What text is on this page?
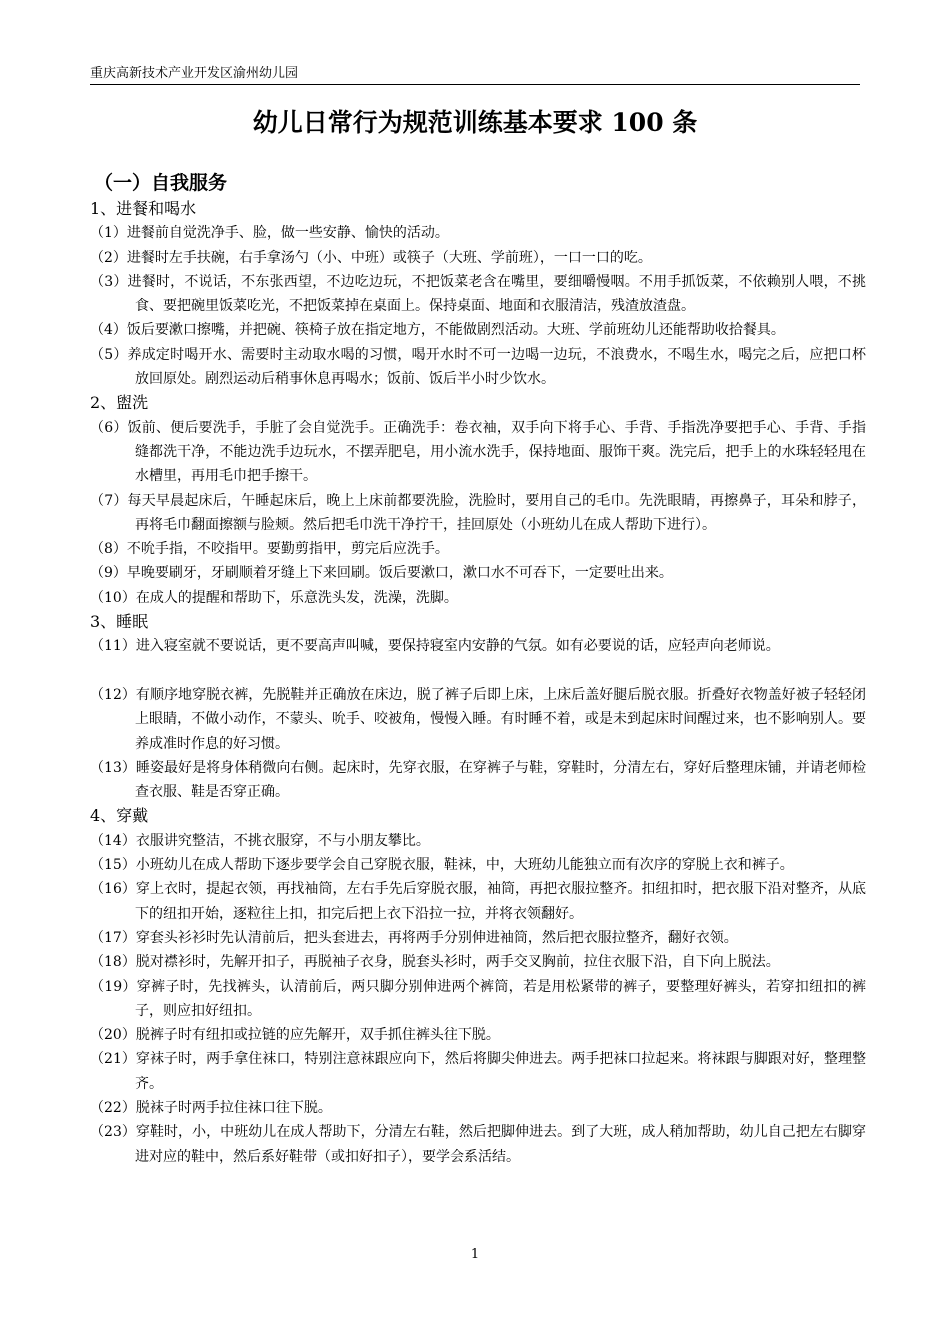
重庆高新技术产业开发区渝州幼儿园
幼儿日常行为规范训练基本要求 100 条
（一）自我服务
1、进餐和喝水
（1）进餐前自觉洗净手、脸，做一些安静、愉快的活动。
（2）进餐时左手扶碗，右手拿汤勺（小、中班）或筷子（大班、学前班），一口一口的吃。
（3）进餐时，不说话，不东张西望，不边吃边玩，不把饭菜老含在嘴里，要细嚼慢咽。不用手抓饭菜，不依赖别人喂，不挑食、要把碗里饭菜吃光，不把饭菜掉在桌面上。保持桌面、地面和衣服清洁，残渣放渣盘。
（4）饭后要漱口擦嘴，并把碗、筷椅子放在指定地方，不能做剧烈活动。大班、学前班幼儿还能帮助收拾餐具。
（5）养成定时喝开水、需要时主动取水喝的习惯，喝开水时不可一边喝一边玩，不浪费水，不喝生水，喝完之后，应把口杯放回原处。剧烈运动后稍事休息再喝水；饭前、饭后半小时少饮水。
2、盥洗
（6）饭前、便后要洗手，手脏了会自觉洗手。正确洗手：卷衣袖，双手向下将手心、手背、手指洗净要把手心、手背、手指缝都洗干净，不能边洗手边玩水，不摆弄肥皂，用小流水洗手，保持地面、服饰干爽。洗完后，把手上的水珠轻轻甩在水槽里，再用毛巾把手擦干。
（7）每天早晨起床后，午睡起床后，晚上上床前都要洗脸，洗脸时，要用自己的毛巾。先洗眼睛，再擦鼻子，耳朵和脖子，再将毛巾翻面擦额与脸颊。然后把毛巾洗干净拧干，挂回原处（小班幼儿在成人帮助下进行）。
（8）不吮手指，不咬指甲。要勤剪指甲，剪完后应洗手。
（9）早晚要刷牙，牙刷顺着牙缝上下来回刷。饭后要漱口，漱口水不可吞下，一定要吐出来。
（10）在成人的提醒和帮助下，乐意洗头发，洗澡，洗脚。
3、睡眠
（11）进入寝室就不要说话，更不要高声叫喊，要保持寝室内安静的气氛。如有必要说的话，应轻声向老师说。
（12）有顺序地穿脱衣裤，先脱鞋并正确放在床边，脱了裤子后即上床，上床后盖好腿后脱衣服。折叠好衣物盖好被子轻轻闭上眼睛，不做小动作，不蒙头、吮手、咬被角，慢慢入睡。有时睡不着，或是未到起床时间醒过来，也不影响别人。要养成准时作息的好习惯。
（13）睡姿最好是将身体稍微向右侧。起床时，先穿衣服，在穿裤子与鞋，穿鞋时，分清左右，穿好后整理床铺，并请老师检查衣服、鞋是否穿正确。
4、穿戴
（14）衣服讲究整洁，不挑衣服穿，不与小朋友攀比。
（15）小班幼儿在成人帮助下逐步要学会自己穿脱衣服，鞋袜，中，大班幼儿能独立而有次序的穿脱上衣和裤子。
（16）穿上衣时，提起衣领，再找袖筒，左右手先后穿脱衣服，袖筒，再把衣服拉整齐。扣纽扣时，把衣服下沿对整齐，从底下的纽扣开始，逐粒往上扣，扣完后把上衣下沿拉一拉，并将衣领翻好。
（17）穿套头衫衫时先认清前后，把头套进去，再将两手分别伸进袖筒，然后把衣服拉整齐，翻好衣领。
（18）脱对襟衫时，先解开扣子，再脱袖子衣身，脱套头衫时，两手交叉胸前，拉住衣服下沿，自下向上脱法。
（19）穿裤子时，先找裤头，认清前后，两只脚分别伸进两个裤筒，若是用松紧带的裤子，要整理好裤头，若穿扣纽扣的裤子，则应扣好纽扣。
（20）脱裤子时有纽扣或拉链的应先解开，双手抓住裤头往下脱。
（21）穿袜子时，两手拿住袜口，特别注意袜跟应向下，然后将脚尖伸进去。两手把袜口拉起来。将袜跟与脚跟对好，整理整齐。
（22）脱袜子时两手拉住袜口往下脱。
（23）穿鞋时，小，中班幼儿在成人帮助下，分清左右鞋，然后把脚伸进去。到了大班，成人稍加帮助，幼儿自己把左右脚穿进对应的鞋中，然后系好鞋带（或扣好扣子），要学会系活结。
1
